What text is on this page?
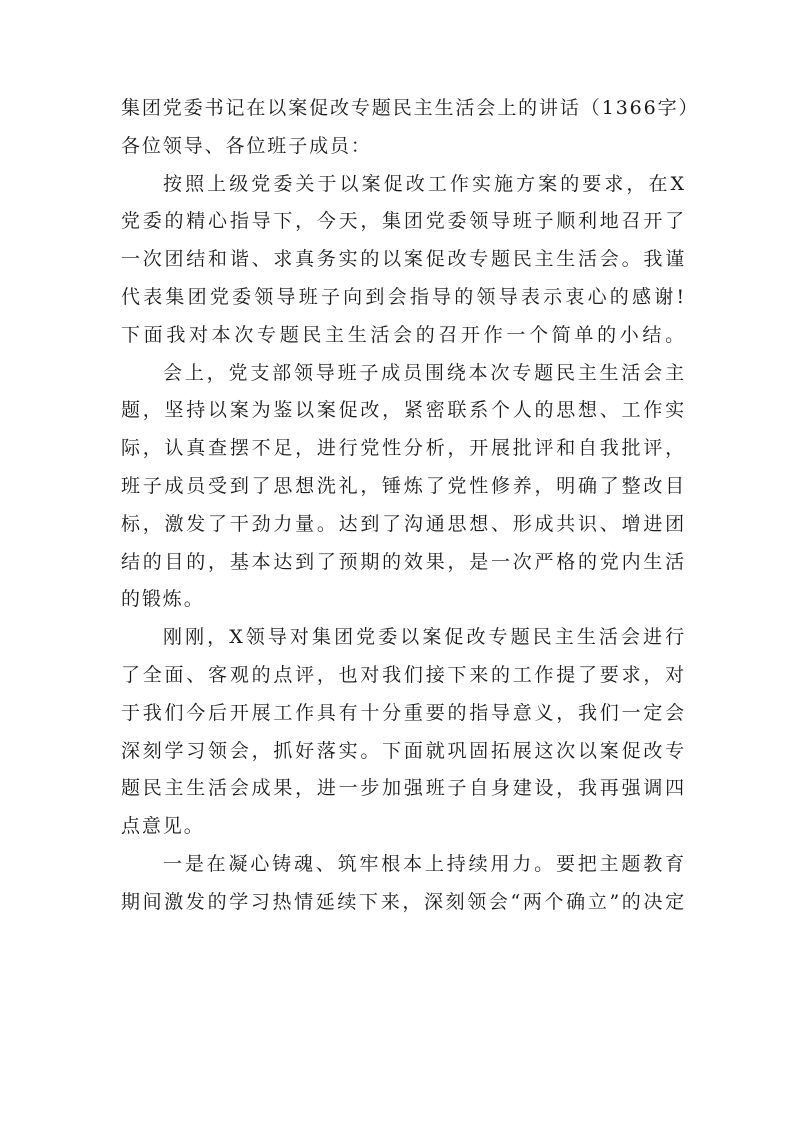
集团党委书记在以案促改专题民主生活会上的讲话（1366字）
各位领导、各位班子成员：
按照上级党委关于以案促改工作实施方案的要求，在X
党委的精心指导下，今天，集团党委领导班子顺利地召开了
一次团结和谐、求真务实的以案促改专题民主生活会。我谨
代表集团党委领导班子向到会指导的领导表示衷心的感谢!
下面我对本次专题民主生活会的召开作一个简单的小结。
会上，党支部领导班子成员围绕本次专题民主生活会主
题，坚持以案为鉴以案促改，紧密联系个人的思想、工作实
际，认真查摆不足，进行党性分析，开展批评和自我批评，
班子成员受到了思想洗礼，锤炼了党性修养，明确了整改目
标，激发了干劲力量。达到了沟通思想、形成共识、增进团
结的目的，基本达到了预期的效果，是一次严格的党内生活
的锻炼。
刚刚，X领导对集团党委以案促改专题民主生活会进行
了全面、客观的点评，也对我们接下来的工作提了要求，对
于我们今后开展工作具有十分重要的指导意义，我们一定会
深刻学习领会，抓好落实。下面就巩固拓展这次以案促改专
题民主生活会成果，进一步加强班子自身建设，我再强调四
点意见。
一是在凝心铸魂、筑牢根本上持续用力。要把主题教育
期间激发的学习热情延续下来，深刻领会“两个确立”的决定
